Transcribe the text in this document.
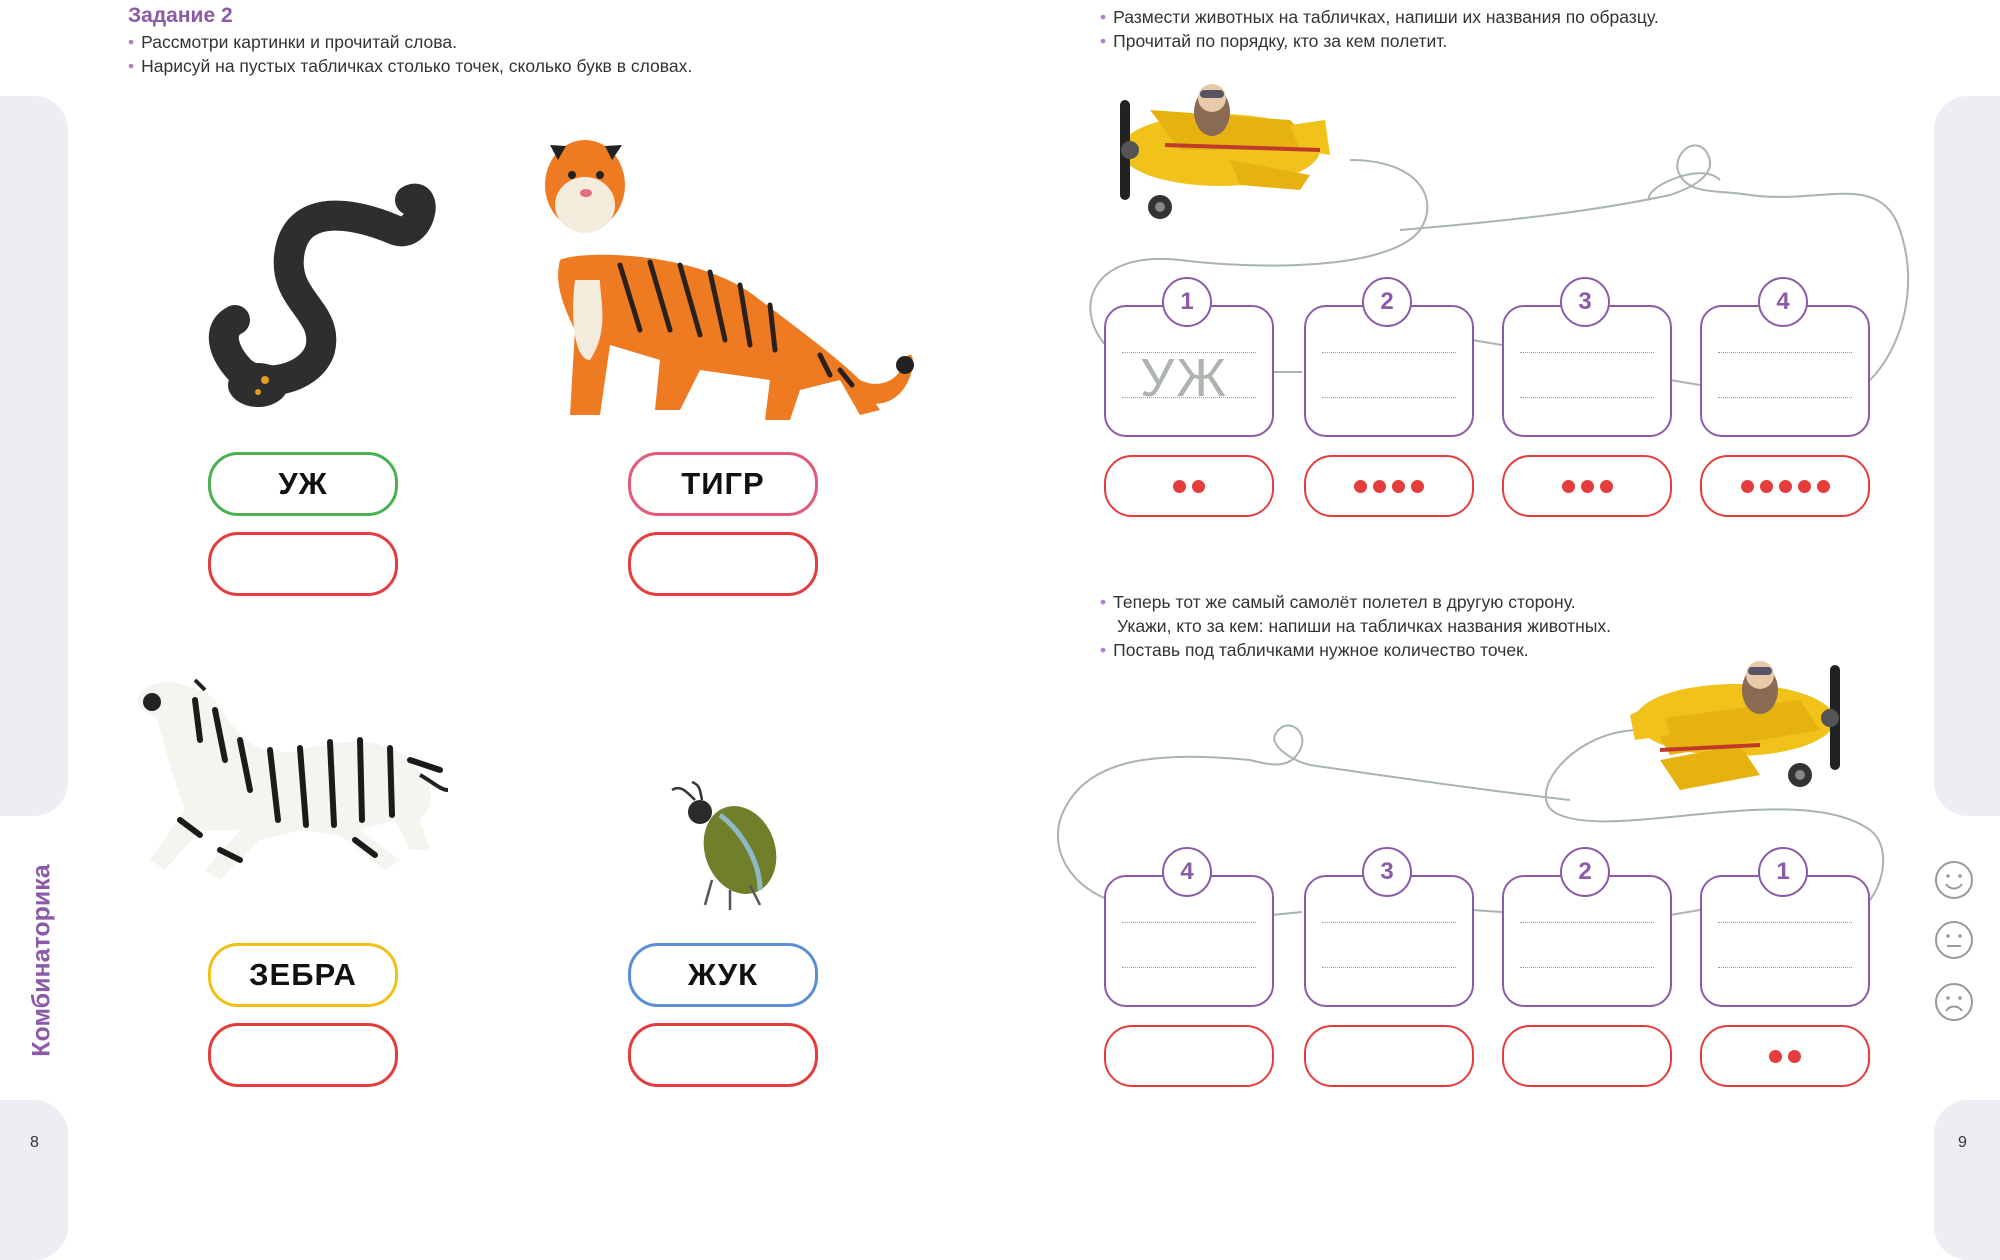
Комбинаторика
8	9
Задание 2
• Рассмотри картинки и прочитай слова.
• Нарисуй на пустых табличках столько точек, сколько букв в словах.
УЖ	ТИГР
ЗЕБРА	ЖУК
• Размести животных на табличках, напиши их названия по образцу.
• Прочитай по порядку, кто за кем полетит.
• Теперь тот же самый самолёт полетел в другую сторону.
Укажи, кто за кем: напиши на табличках названия животных.
• Поставь под табличками нужное количество точек.
УЖ
1	2	3	4
4	3	2	1
